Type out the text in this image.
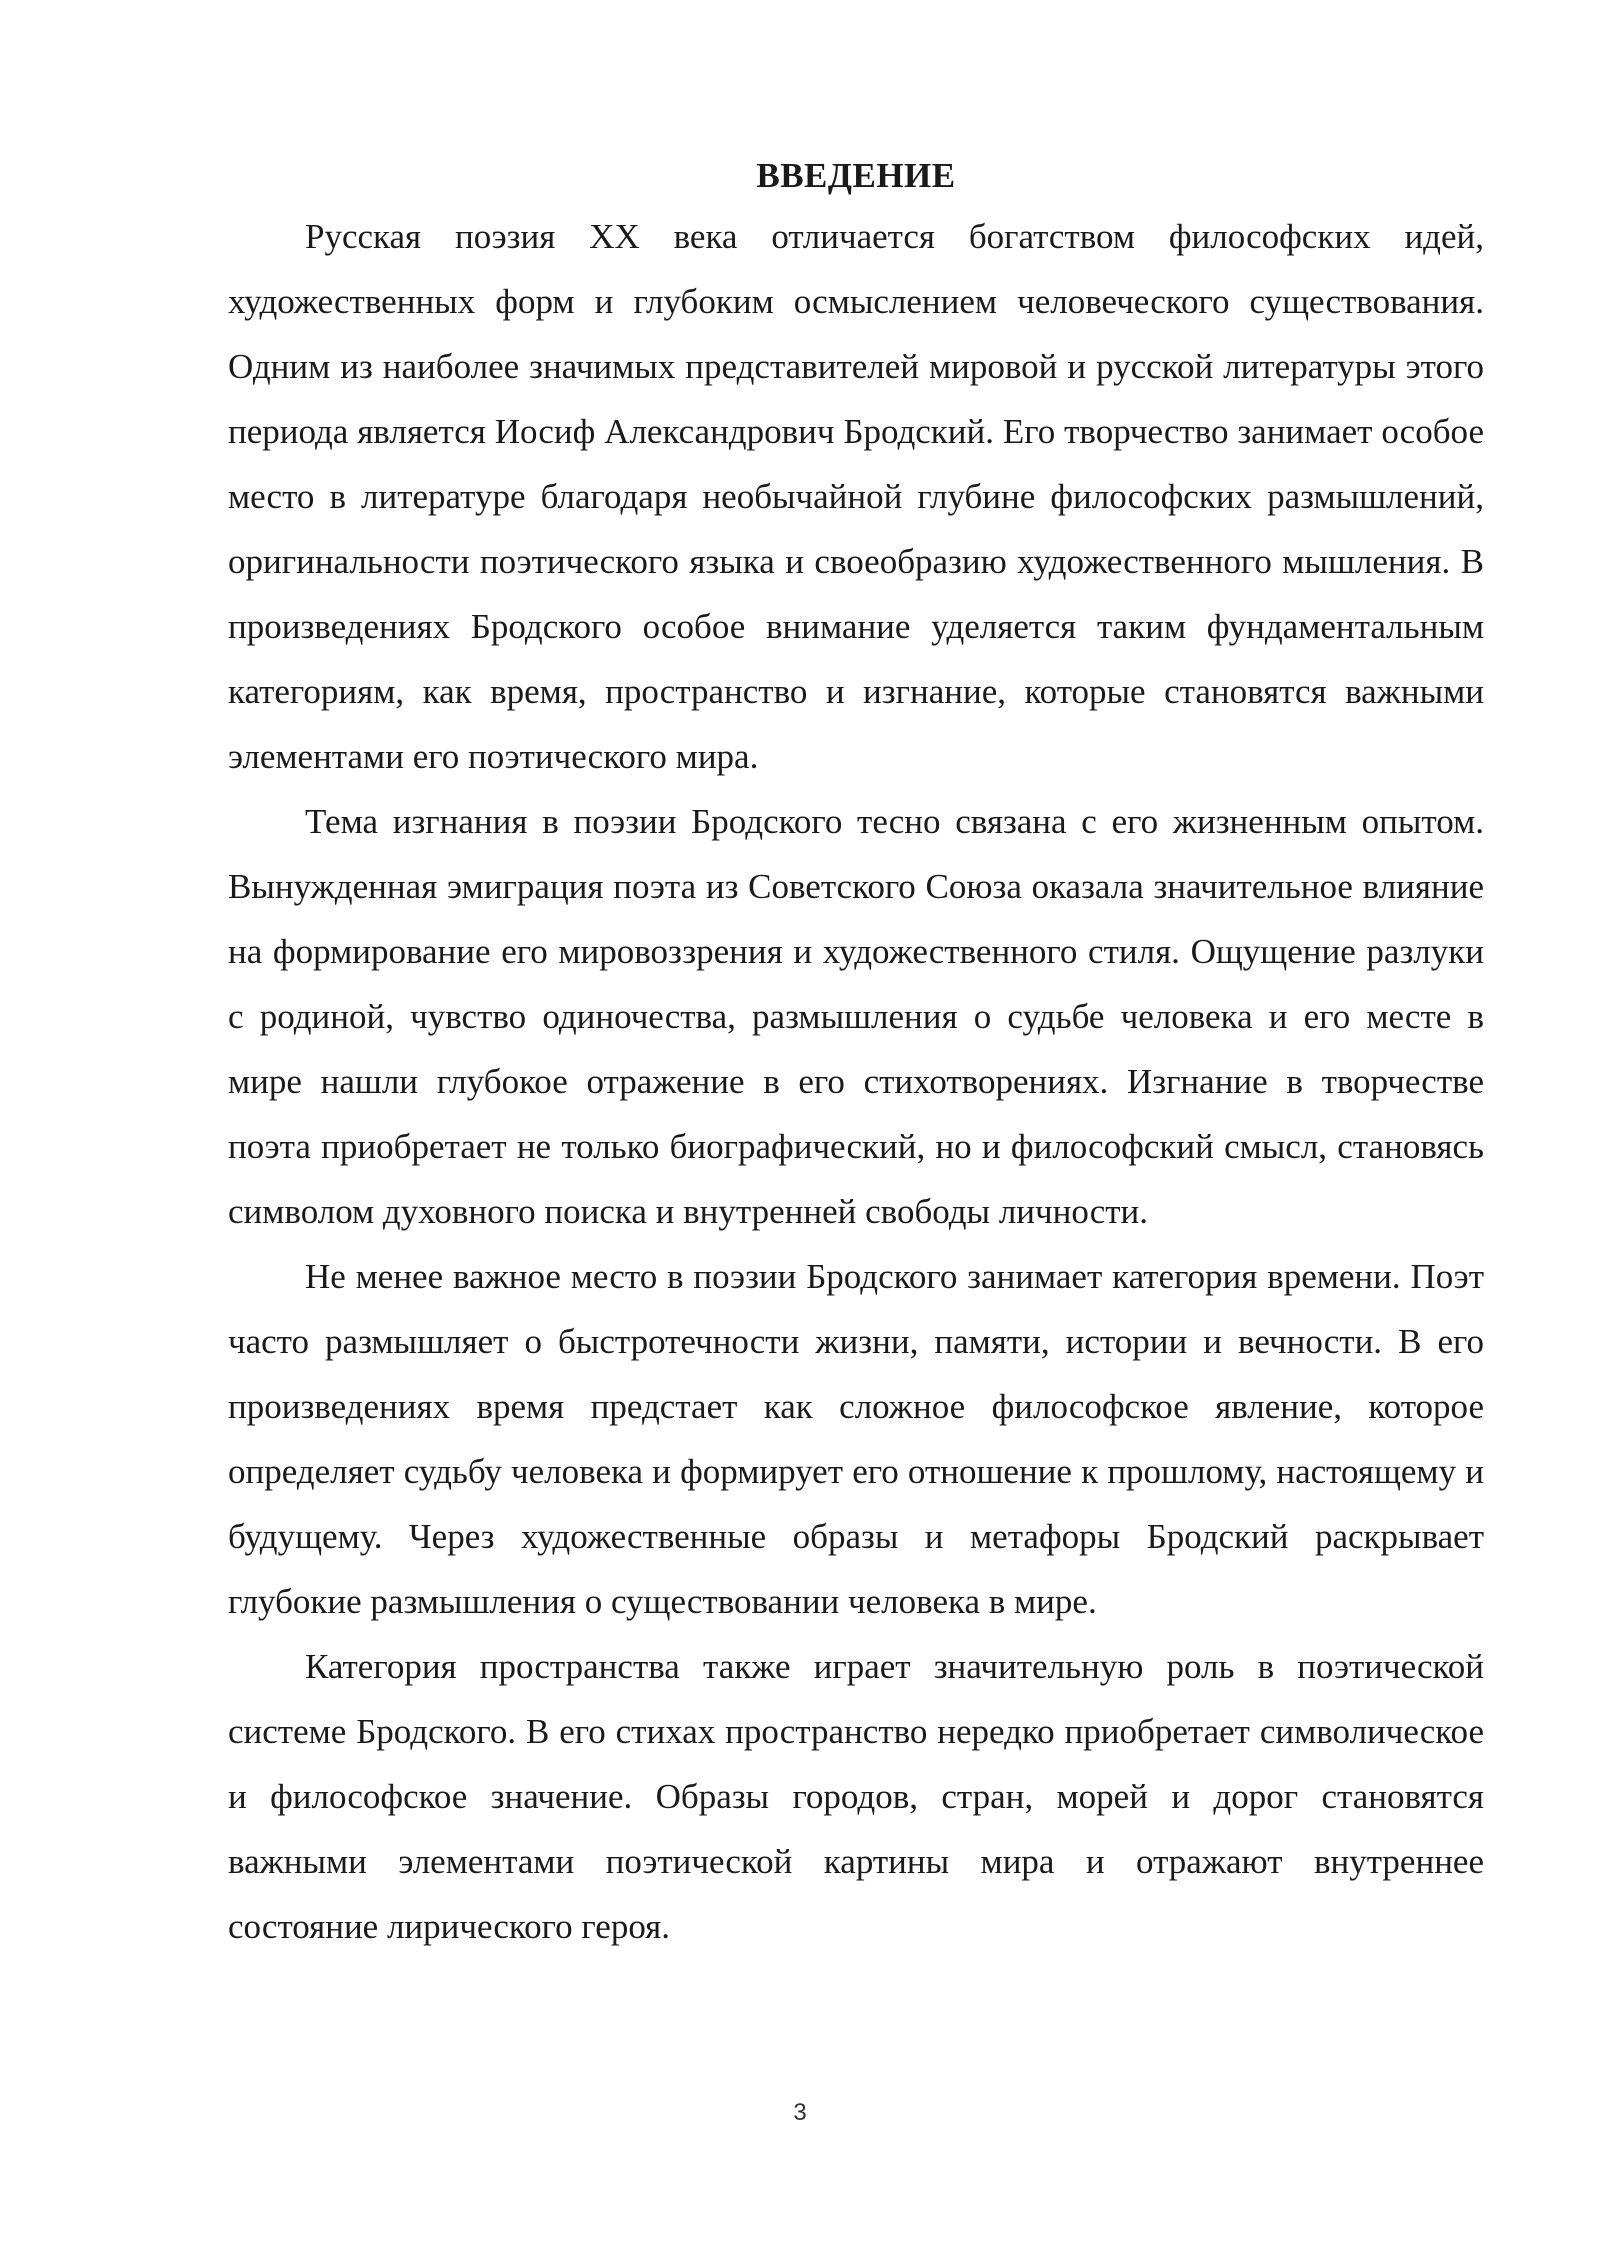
ВВЕДЕНИЕ

Русская поэзия XX века отличается богатством философских идей, художественных форм и глубоким осмыслением человеческого существования. Одним из наиболее значимых представителей мировой и русской литературы этого периода является Иосиф Александрович Бродский. Его творчество занимает особое место в литературе благодаря необычайной глубине философских размышлений, оригинальности поэтического языка и своеобразию художественного мышления. В произведениях Бродского особое внимание уделяется таким фундаментальным категориям, как время, пространство и изгнание, которые становятся важными элементами его поэтического мира.

Тема изгнания в поэзии Бродского тесно связана с его жизненным опытом. Вынужденная эмиграция поэта из Советского Союза оказала значительное влияние на формирование его мировоззрения и художественного стиля. Ощущение разлуки с родиной, чувство одиночества, размышления о судьбе человека и его месте в мире нашли глубокое отражение в его стихотворениях. Изгнание в творчестве поэта приобретает не только биографический, но и философский смысл, становясь символом духовного поиска и внутренней свободы личности.

Не менее важное место в поэзии Бродского занимает категория времени. Поэт часто размышляет о быстротечности жизни, памяти, истории и вечности. В его произведениях время предстает как сложное философское явление, которое определяет судьбу человека и формирует его отношение к прошлому, настоящему и будущему. Через художественные образы и метафоры Бродский раскрывает глубокие размышления о существовании человека в мире.

Категория пространства также играет значительную роль в поэтической системе Бродского. В его стихах пространство нередко приобретает символическое и философское значение. Образы городов, стран, морей и дорог становятся важными элементами поэтической картины мира и отражают внутреннее состояние лирического героя.

3
